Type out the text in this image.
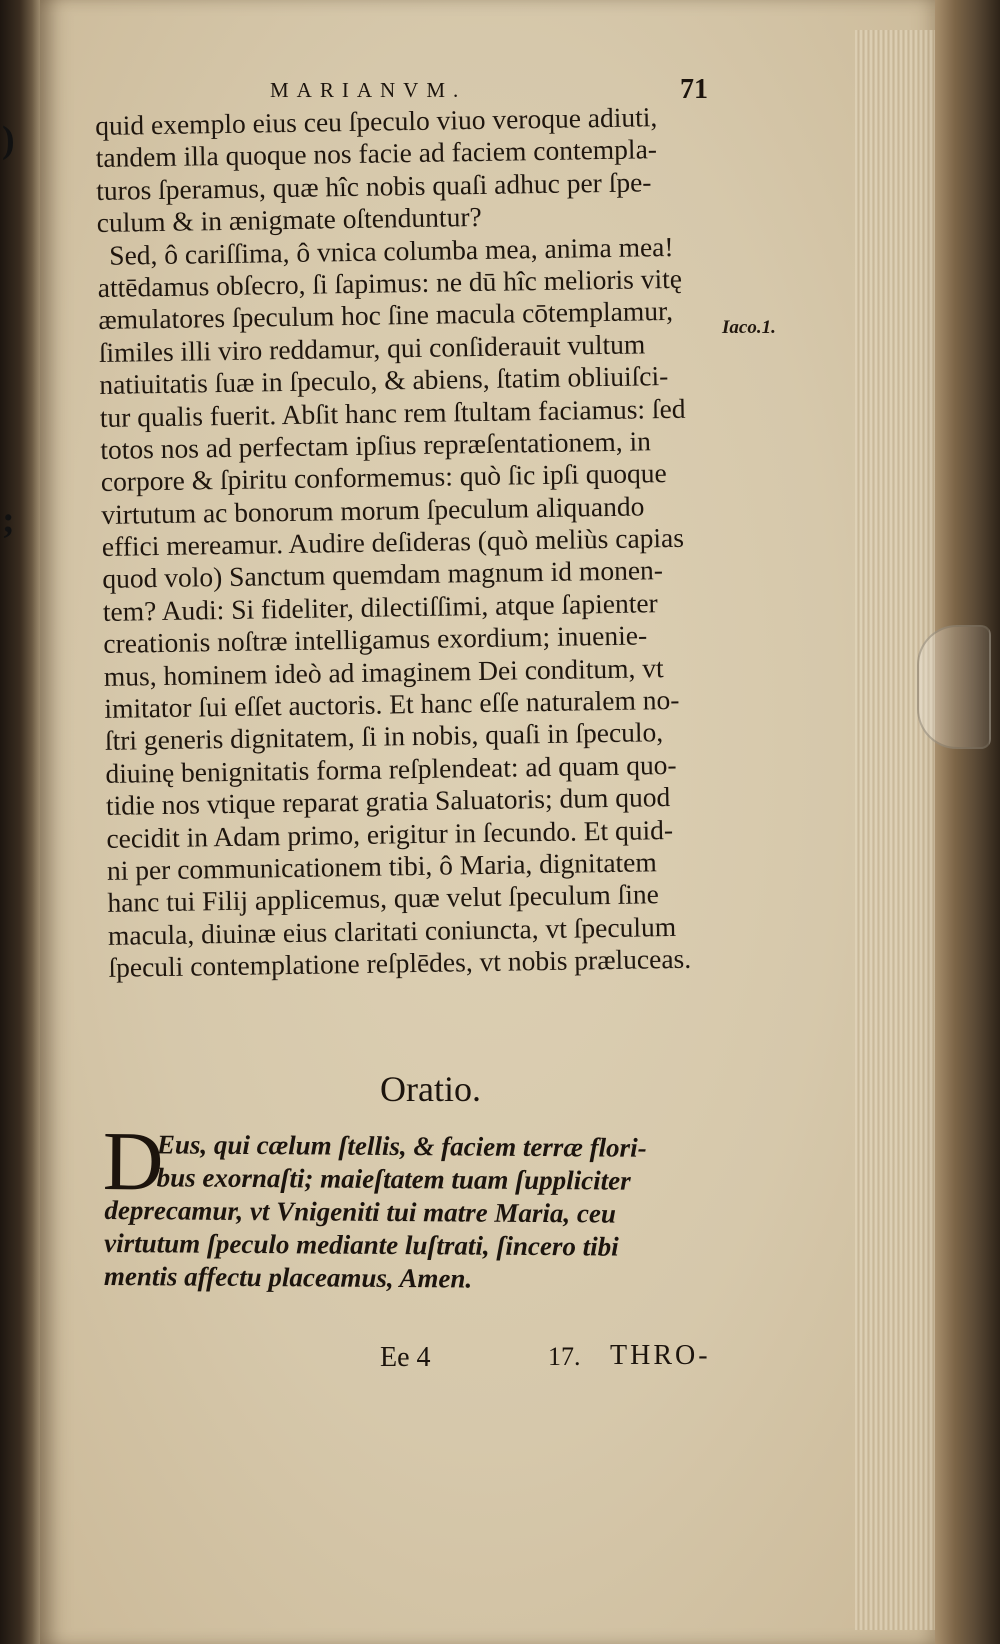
)
;
MARIANVM.	71
quid exemplo eius ceu ſpeculo viuo veroque adiuti,
tandem illa quoque nos facie ad faciem contempla-
turos ſperamus, quæ hîc nobis quaſi adhuc per ſpe-
culum & in ænigmate oſtenduntur?
Sed, ô cariſſima, ô vnica columba mea, anima mea!
attēdamus obſecro, ſi ſapimus: ne dū hîc melioris vitę
æmulatores ſpeculum hoc ſine macula cōtemplamur,
ſimiles illi viro reddamur, qui conſiderauit vultum
natiuitatis ſuæ in ſpeculo, & abiens, ſtatim obliuiſci-
tur qualis fuerit. Abſit hanc rem ſtultam faciamus: ſed
totos nos ad perfectam ipſius repræſentationem, in
corpore & ſpiritu conformemus: quò ſic ipſi quoque
virtutum ac bonorum morum ſpeculum aliquando
effici mereamur. Audire deſideras (quò meliùs capias
quod volo) Sanctum quemdam magnum id monen-
tem? Audi: Si fideliter, dilectiſſimi, atque ſapienter
creationis noſtræ intelligamus exordium; inuenie-
mus, hominem ideò ad imaginem Dei conditum, vt
imitator ſui eſſet auctoris. Et hanc eſſe naturalem no-
ſtri generis dignitatem, ſi in nobis, quaſi in ſpeculo,
diuinę benignitatis forma reſplendeat: ad quam quo-
tidie nos vtique reparat gratia Saluatoris; dum quod
cecidit in Adam primo, erigitur in ſecundo. Et quid-
ni per communicationem tibi, ô Maria, dignitatem
hanc tui Filij applicemus, quæ velut ſpeculum ſine
macula, diuinæ eius claritati coniuncta, vt ſpeculum
ſpeculi contemplatione reſplēdes, vt nobis præluceas.
Iaco.1.
Oratio.
D
Eus, qui cælum ſtellis, & faciem terræ flori-
bus exornaſti; maieſtatem tuam ſuppliciter
deprecamur, vt Vnigeniti tui matre Maria, ceu
virtutum ſpeculo mediante luſtrati, ſincero tibi
mentis affectu placeamus, Amen.
Ee 4	17. THRO-
